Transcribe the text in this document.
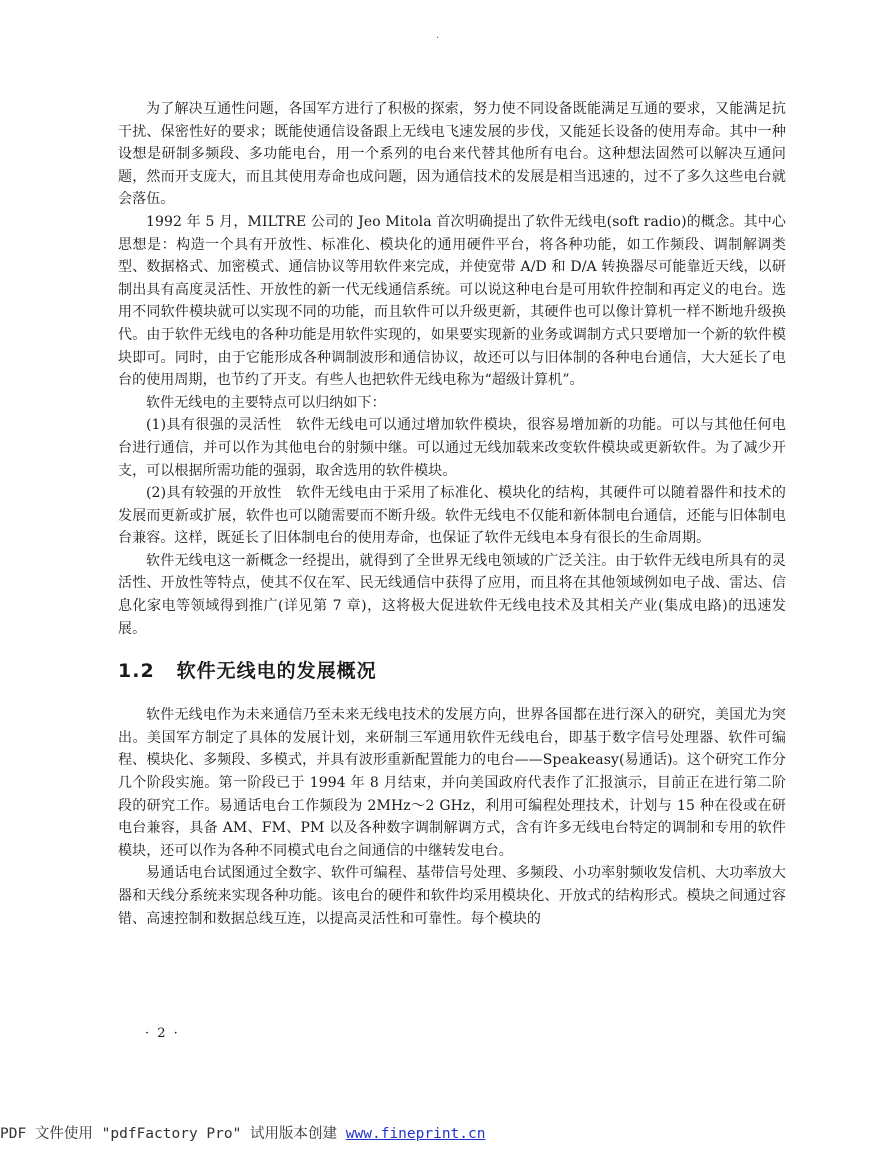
.

为了解决互通性问题，各国军方进行了积极的探索，努力使不同设备既能满足互通的要求，又能满足抗干扰、保密性好的要求；既能使通信设备跟上无线电飞速发展的步伐，又能延长设备的使用寿命。其中一种设想是研制多频段、多功能电台，用一个系列的电台来代替其他所有电台。这种想法固然可以解决互通问题，然而开支庞大，而且其使用寿命也成问题，因为通信技术的发展是相当迅速的，过不了多久这些电台就会落伍。

1992 年 5 月，MILTRE 公司的 Jeo Mitola 首次明确提出了软件无线电(soft radio)的概念。其中心思想是：构造一个具有开放性、标准化、模块化的通用硬件平台，将各种功能，如工作频段、调制解调类型、数据格式、加密模式、通信协议等用软件来完成，并使宽带 A/D 和 D/A 转换器尽可能靠近天线，以研制出具有高度灵活性、开放性的新一代无线通信系统。可以说这种电台是可用软件控制和再定义的电台。选用不同软件模块就可以实现不同的功能，而且软件可以升级更新，其硬件也可以像计算机一样不断地升级换代。由于软件无线电的各种功能是用软件实现的，如果要实现新的业务或调制方式只要增加一个新的软件模块即可。同时，由于它能形成各种调制波形和通信协议，故还可以与旧体制的各种电台通信，大大延长了电台的使用周期，也节约了开支。有些人也把软件无线电称为“超级计算机”。

软件无线电的主要特点可以归纳如下：

(1)具有很强的灵活性　软件无线电可以通过增加软件模块，很容易增加新的功能。可以与其他任何电台进行通信，并可以作为其他电台的射频中继。可以通过无线加载来改变软件模块或更新软件。为了减少开支，可以根据所需功能的强弱，取舍选用的软件模块。

(2)具有较强的开放性　软件无线电由于采用了标准化、模块化的结构，其硬件可以随着器件和技术的发展而更新或扩展，软件也可以随需要而不断升级。软件无线电不仅能和新体制电台通信，还能与旧体制电台兼容。这样，既延长了旧体制电台的使用寿命，也保证了软件无线电本身有很长的生命周期。

软件无线电这一新概念一经提出，就得到了全世界无线电领域的广泛关注。由于软件无线电所具有的灵活性、开放性等特点，使其不仅在军、民无线通信中获得了应用，而且将在其他领域例如电子战、雷达、信息化家电等领域得到推广(详见第 7 章)，这将极大促进软件无线电技术及其相关产业(集成电路)的迅速发展。

1.2 软件无线电的发展概况

软件无线电作为未来通信乃至未来无线电技术的发展方向，世界各国都在进行深入的研究，美国尤为突出。美国军方制定了具体的发展计划，来研制三军通用软件无线电台，即基于数字信号处理器、软件可编程、模块化、多频段、多模式，并具有波形重新配置能力的电台——Speakeasy(易通话)。这个研究工作分几个阶段实施。第一阶段已于 1994 年 8 月结束，并向美国政府代表作了汇报演示，目前正在进行第二阶段的研究工作。易通话电台工作频段为 2MHz～2 GHz，利用可编程处理技术，计划与 15 种在役或在研电台兼容，具备 AM、FM、PM 以及各种数字调制解调方式，含有许多无线电台特定的调制和专用的软件模块，还可以作为各种不同模式电台之间通信的中继转发电台。

易通话电台试图通过全数字、软件可编程、基带信号处理、多频段、小功率射频收发信机、大功率放大器和天线分系统来实现各种功能。该电台的硬件和软件均采用模块化、开放式的结构形式。模块之间通过容错、高速控制和数据总线互连，以提高灵活性和可靠性。每个模块的

· 2 ·
PDF 文件使用 "pdfFactory Pro" 试用版本创建 www.fineprint.cn
